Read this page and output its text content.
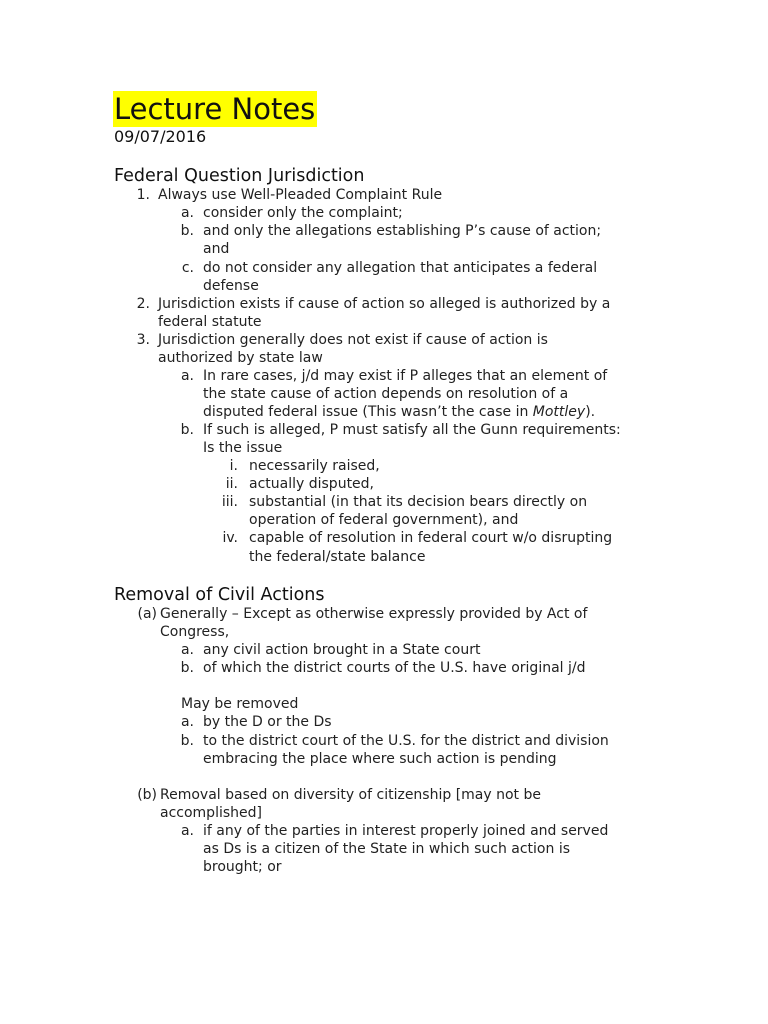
Lecture Notes
09/07/2016
Federal Question Jurisdiction
1. Always use Well-Pleaded Complaint Rule
a. consider only the complaint;
b. and only the allegations establishing P’s cause of action;
and
c. do not consider any allegation that anticipates a federal
defense
2. Jurisdiction exists if cause of action so alleged is authorized by a
federal statute
3. Jurisdiction generally does not exist if cause of action is
authorized by state law
a. In rare cases, j/d may exist if P alleges that an element of
the state cause of action depends on resolution of a
disputed federal issue (This wasn’t the case in Mottley).
b. If such is alleged, P must satisfy all the Gunn requirements:
Is the issue
i. necessarily raised,
ii. actually disputed,
iii. substantial (in that its decision bears directly on
operation of federal government), and
iv. capable of resolution in federal court w/o disrupting
the federal/state balance
Removal of Civil Actions
(a) Generally – Except as otherwise expressly provided by Act of
Congress,
a. any civil action brought in a State court
b. of which the district courts of the U.S. have original j/d
May be removed
a. by the D or the Ds
b. to the district court of the U.S. for the district and division
embracing the place where such action is pending
(b) Removal based on diversity of citizenship [may not be
accomplished]
a. if any of the parties in interest properly joined and served
as Ds is a citizen of the State in which such action is
brought; or
